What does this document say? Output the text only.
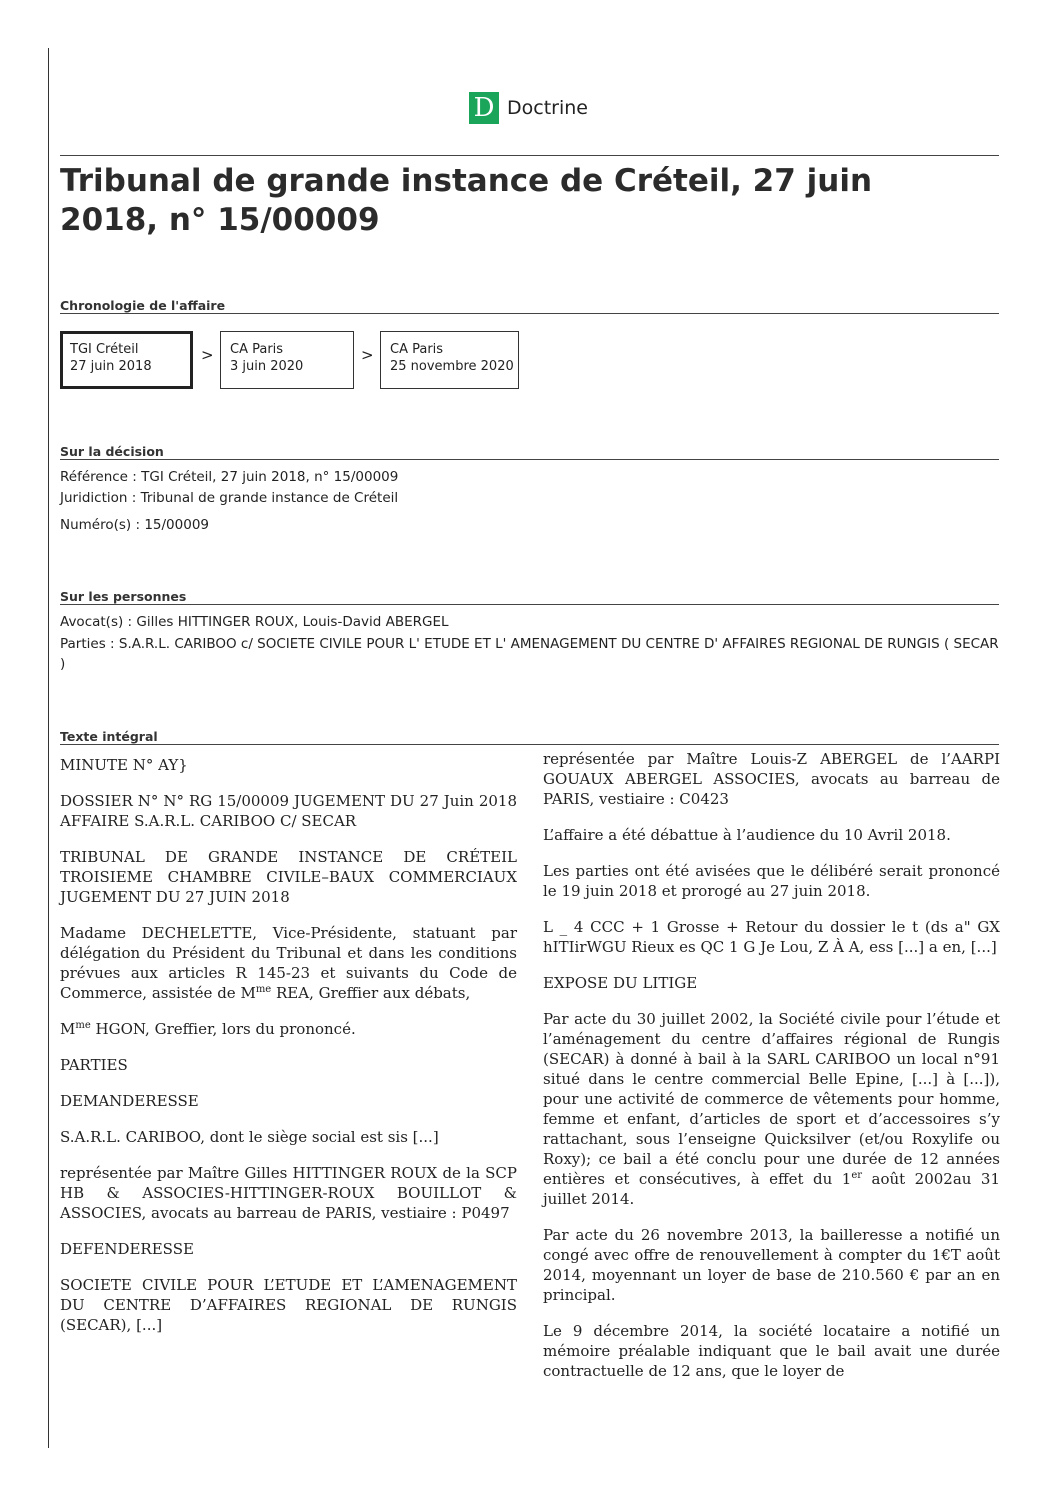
D Doctrine
Tribunal de grande instance de Créteil, 27 juin 2018, n° 15/00009
Chronologie de l'affaire
TGI Créteil
27 juin 2018
> CA Paris
3 juin 2020
> CA Paris
25 novembre 2020
Sur la décision
Référence : TGI Créteil, 27 juin 2018, n° 15/00009
Juridiction : Tribunal de grande instance de Créteil
Numéro(s) : 15/00009
Sur les personnes
Avocat(s) : Gilles HITTINGER ROUX, Louis-David ABERGEL
Parties : S.A.R.L. CARIBOO c/ SOCIETE CIVILE POUR L' ETUDE ET L' AMENAGEMENT DU CENTRE D' AFFAIRES REGIONAL DE RUNGIS ( SECAR )
Texte intégral

MINUTE N° AY}

DOSSIER N° N° RG 15/00009 JUGEMENT DU 27 Juin 2018 AFFAIRE S.A.R.L. CARIBOO C/ SECAR

TRIBUNAL DE GRANDE INSTANCE DE CRÉTEIL TROISIEME CHAMBRE CIVILE–BAUX COMMERCIAUX JUGEMENT DU 27 JUIN 2018

Madame DECHELETTE, Vice-Présidente, statuant par délégation du Président du Tribunal et dans les conditions prévues aux articles R 145-23 et suivants du Code de Commerce, assistée de $M^{me}$ REA, Greffier aux débats,

$M^{me}$ HGON, Greffier, lors du prononcé.

PARTIES

DEMANDERESSE

S.A.R.L. CARIBOO, dont le siège social est sis [...]

représentée par Maître Gilles HITTINGER ROUX de la SCP HB & ASSOCIES-HITTINGER-ROUX BOUILLOT & ASSOCIES, avocats au barreau de PARIS, vestiaire : P0497

DEFENDERESSE

SOCIETE CIVILE POUR L’ETUDE ET L’AMENAGEMENT DU CENTRE D’AFFAIRES REGIONAL DE RUNGIS (SECAR), [...]

représentée par Maître Louis-Z ABERGEL de l’AARPI GOUAUX ABERGEL ASSOCIES, avocats au barreau de PARIS, vestiaire : C0423

L’affaire a été débattue à l’audience du 10 Avril 2018.

Les parties ont été avisées que le délibéré serait prononcé le 19 juin 2018 et prorogé au 27 juin 2018.

L _ 4 CCC + 1 Grosse + Retour du dossier le t (ds a" GX hITIirWGU Rieux es QC 1 G Je Lou, Z À A, ess [...] a en, [...]

EXPOSE DU LITIGE

Par acte du 30 juillet 2002, la Société civile pour l’étude et l’aménagement du centre d’affaires régional de Rungis (SECAR) à donné à bail à la SARL CARIBOO un local n°91 situé dans le centre commercial Belle Epine, [...] à [...]), pour une activité de commerce de vêtements pour homme, femme et enfant, d’articles de sport et d’accessoires s’y rattachant, sous l’enseigne Quicksilver (et/ou Roxylife ou Roxy); ce bail a été conclu pour une durée de 12 années entières et consécutives, à effet du 1er août 2002au 31 juillet 2014.

Par acte du 26 novembre 2013, la bailleresse a notifié un congé avec offre de renouvellement à compter du 1€T août 2014, moyennant un loyer de base de 210.560 € par an en principal.

Le 9 décembre 2014, la société locataire a notifié un mémoire préalable indiquant que le bail avait une durée contractuelle de 12 ans, que le loyer de
